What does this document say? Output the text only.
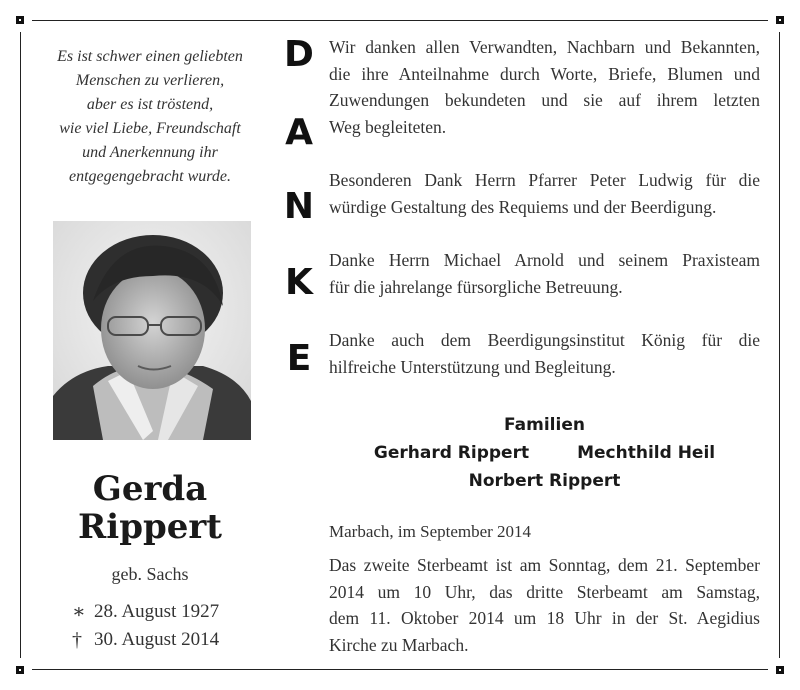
Es ist schwer einen geliebten
Menschen zu verlieren,
aber es ist tröstend,
wie viel Liebe, Freundschaft
und Anerkennung ihr
entgegengebracht wurde.
Gerda
Rippert
geb. Sachs
∗ 28. August 1927
† 30. August 2014
D
A
N
K
E
Wir danken allen Verwandten, Nachbarn und Bekannten,
die ihre Anteilnahme durch Worte, Briefe, Blumen und
Zuwendungen bekundeten und sie auf ihrem letzten
Weg begleiteten.
Besonderen Dank Herrn Pfarrer Peter Ludwig für die
würdige Gestaltung des Requiems und der Beerdigung.
Danke Herrn Michael Arnold und seinem Praxisteam
für die jahrelange fürsorgliche Betreuung.
Danke auch dem Beerdigungsinstitut König für die
hilfreiche Unterstützung und Begleitung.
Familien
Gerhard Rippert	Mechthild Heil
Norbert Rippert
Marbach, im September 2014
Das zweite Sterbeamt ist am Sonntag, dem 21. September
2014 um 10 Uhr, das dritte Sterbeamt am Samstag,
dem 11. Oktober 2014 um 18 Uhr in der St. Aegidius
Kirche zu Marbach.
